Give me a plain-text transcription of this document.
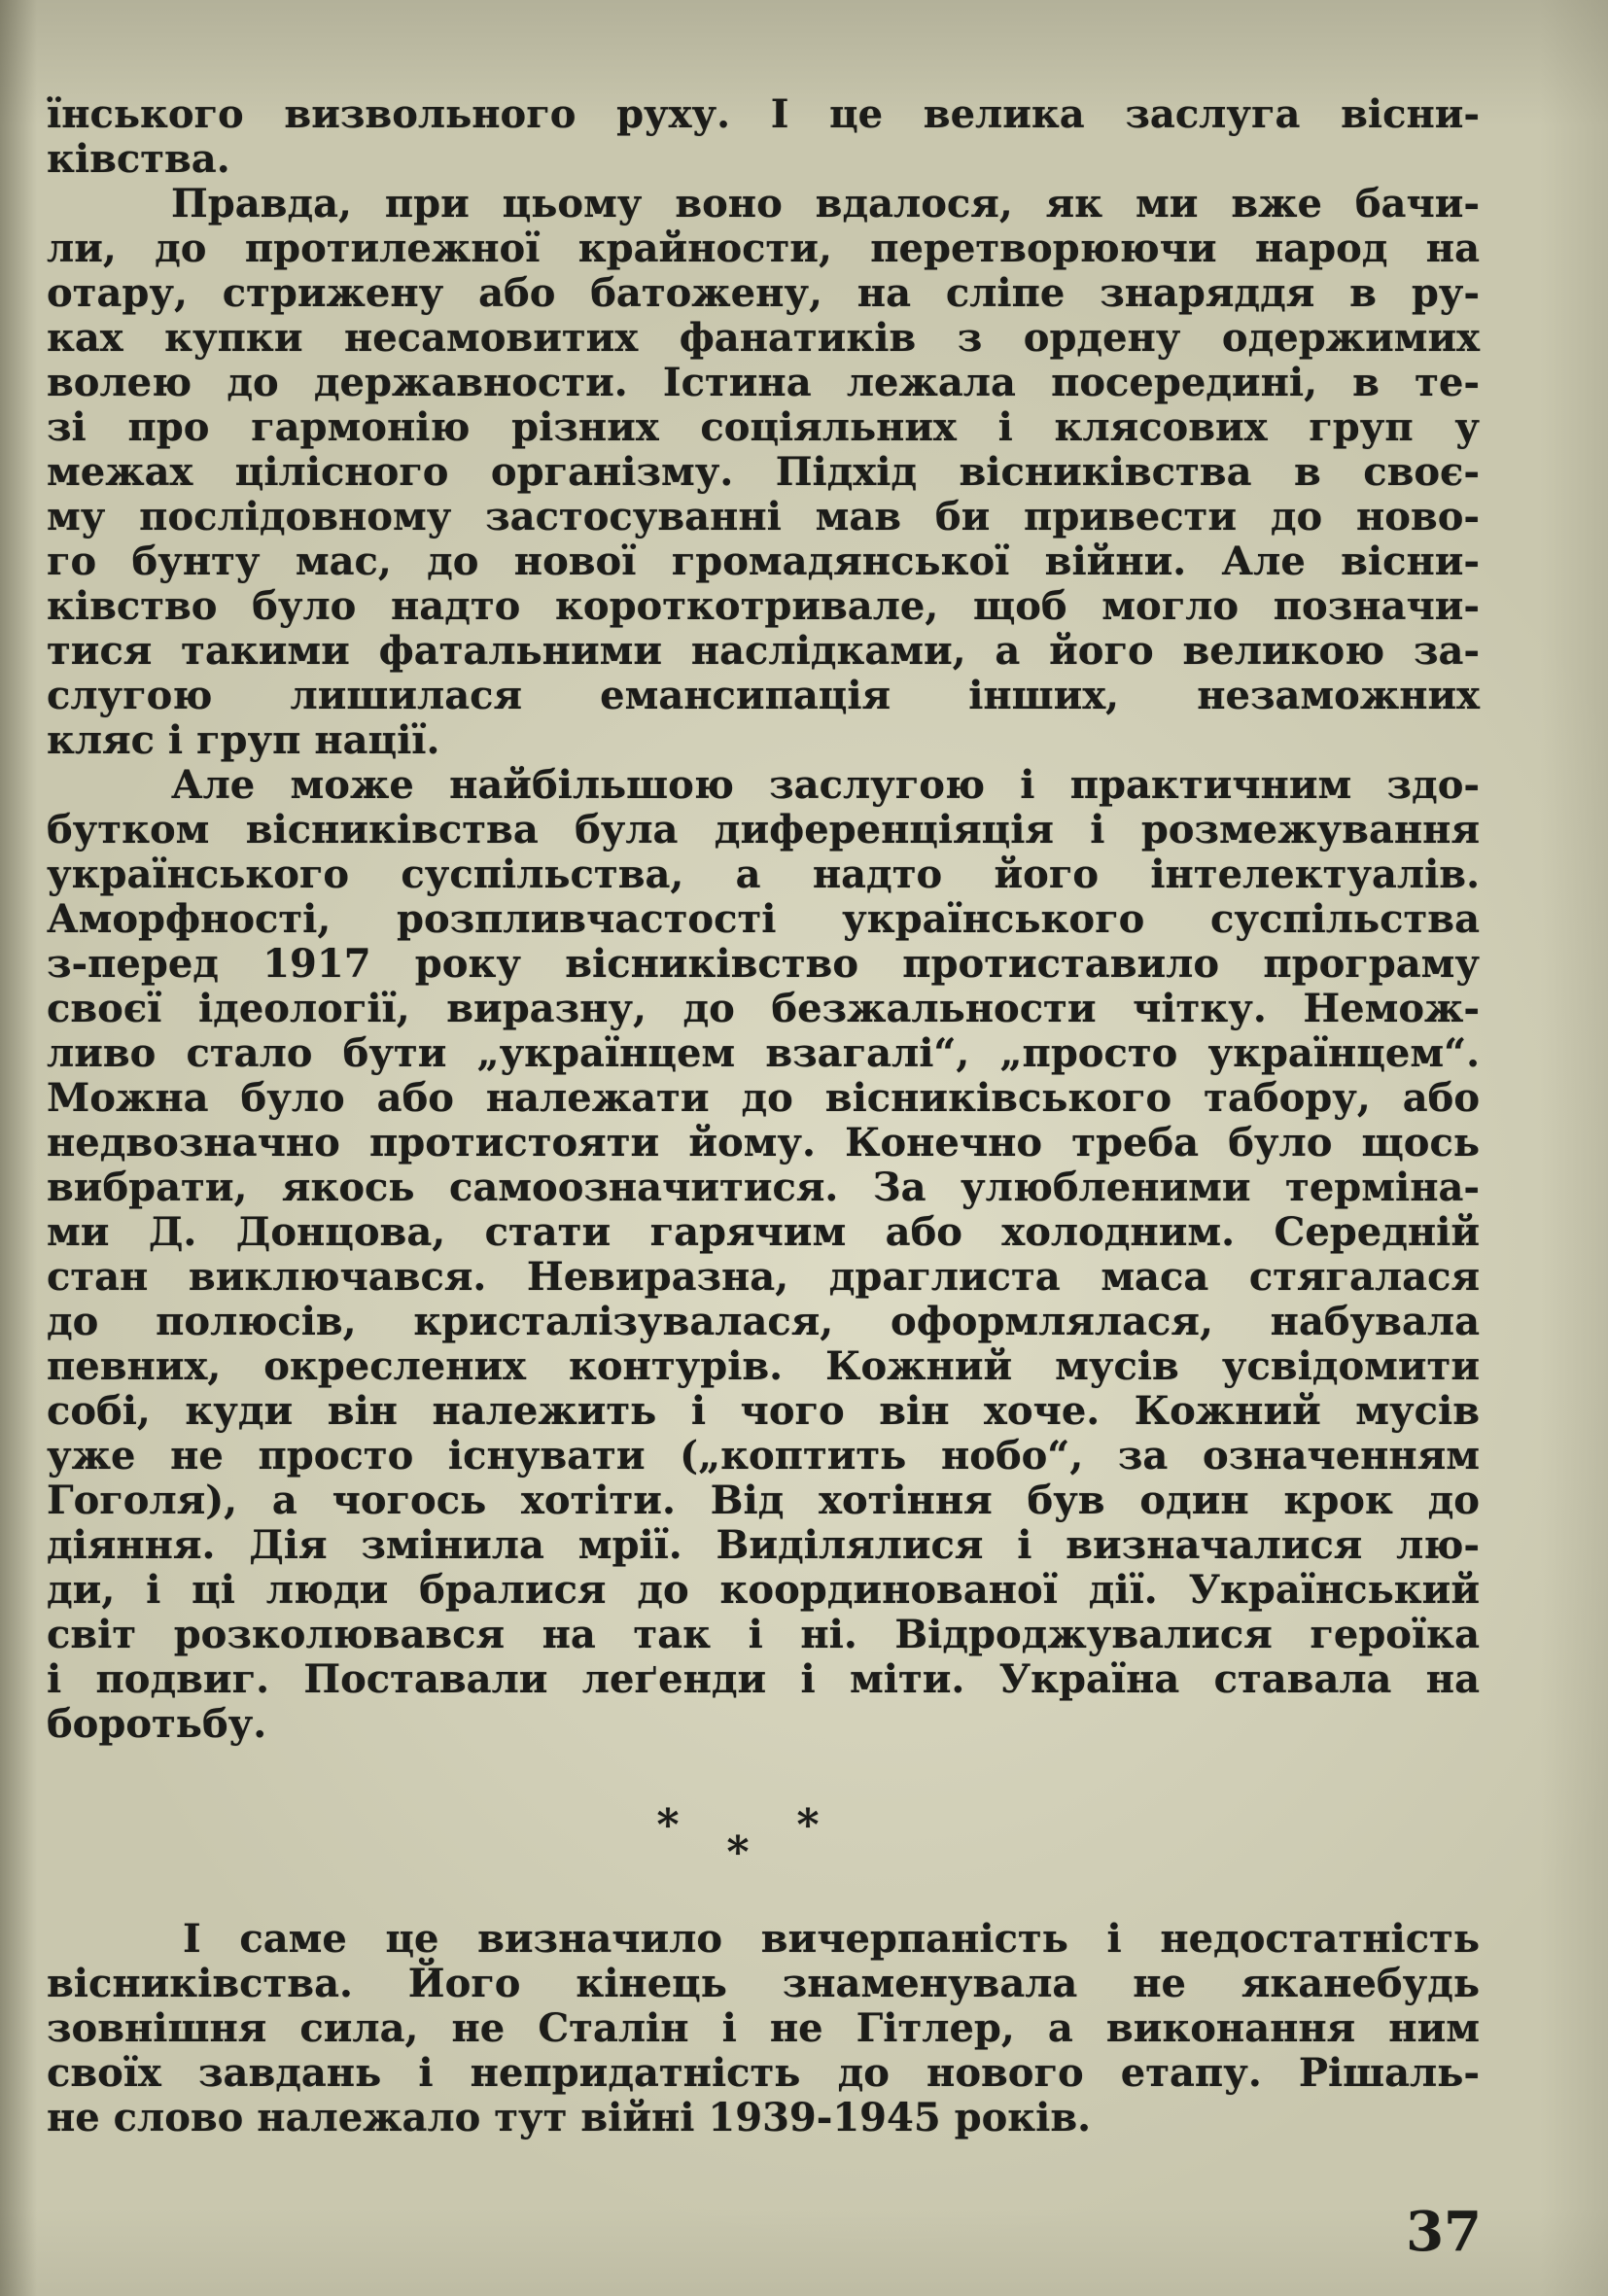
їнського визвольного руху. І це велика заслуга вісни-
ківства.
Правда, при цьому воно вдалося, як ми вже бачи-
ли, до протилежної крайности, перетворюючи народ на
отару, стрижену або батожену, на сліпе знаряддя в ру-
ках купки несамовитих фанатиків з ордену одержимих
волею до державности. Істина лежала посередині, в те-
зі про гармонію різних соціяльних і клясових груп у
межах цілісного організму. Підхід вісниківства в своє-
му послідовному застосуванні мав би привести до ново-
го бунту мас, до нової громадянської війни. Але вісни-
ківство було надто короткотривале, щоб могло позначи-
тися такими фатальними наслідками, а його великою за-
слугою лишилася емансипація інших, незаможних
кляс і груп нації.
Але може найбільшою заслугою і практичним здо-
бутком вісниківства була диференціяція і розмежування
українського суспільства, а надто його інтелектуалів.
Аморфності, розпливчастості українського суспільства
з-перед 1917 року вісниківство протиставило програму
своєї ідеології, виразну, до безжальности чітку. Немож-
ливо стало бути „українцем взагалі“, „просто українцем“.
Можна було або належати до вісниківського табору, або
недвозначно протистояти йому. Конечно треба було щось
вибрати, якось самоозначитися. За улюбленими терміна-
ми Д. Донцова, стати гарячим або холодним. Середній
стан виключався. Невиразна, драглиста маса стягалася
до полюсів, кристалізувалася, оформлялася, набувала
певних, окреслених контурів. Кожний мусів усвідомити
собі, куди він належить і чого він хоче. Кожний мусів
уже не просто існувати („коптить нобо“, за означенням
Гоголя), а чогось хотіти. Від хотіння був один крок до
діяння. Дія змінила мрії. Виділялися і визначалися лю-
ди, і ці люди бралися до координованої дії. Український
світ розколювався на так і ні. Відроджувалися героїка
і подвиг. Поставали леґенди і міти. Україна ставала на
боротьбу.
*
*
*
І саме це визначило вичерпаність і недостатність
вісниківства. Його кінець знаменувала не яканебудь
зовнішня сила, не Сталін і не Гітлер, а виконання ним
своїх завдань і непридатність до нового етапу. Рішаль-
не слово належало тут війні 1939-1945 років.
37
